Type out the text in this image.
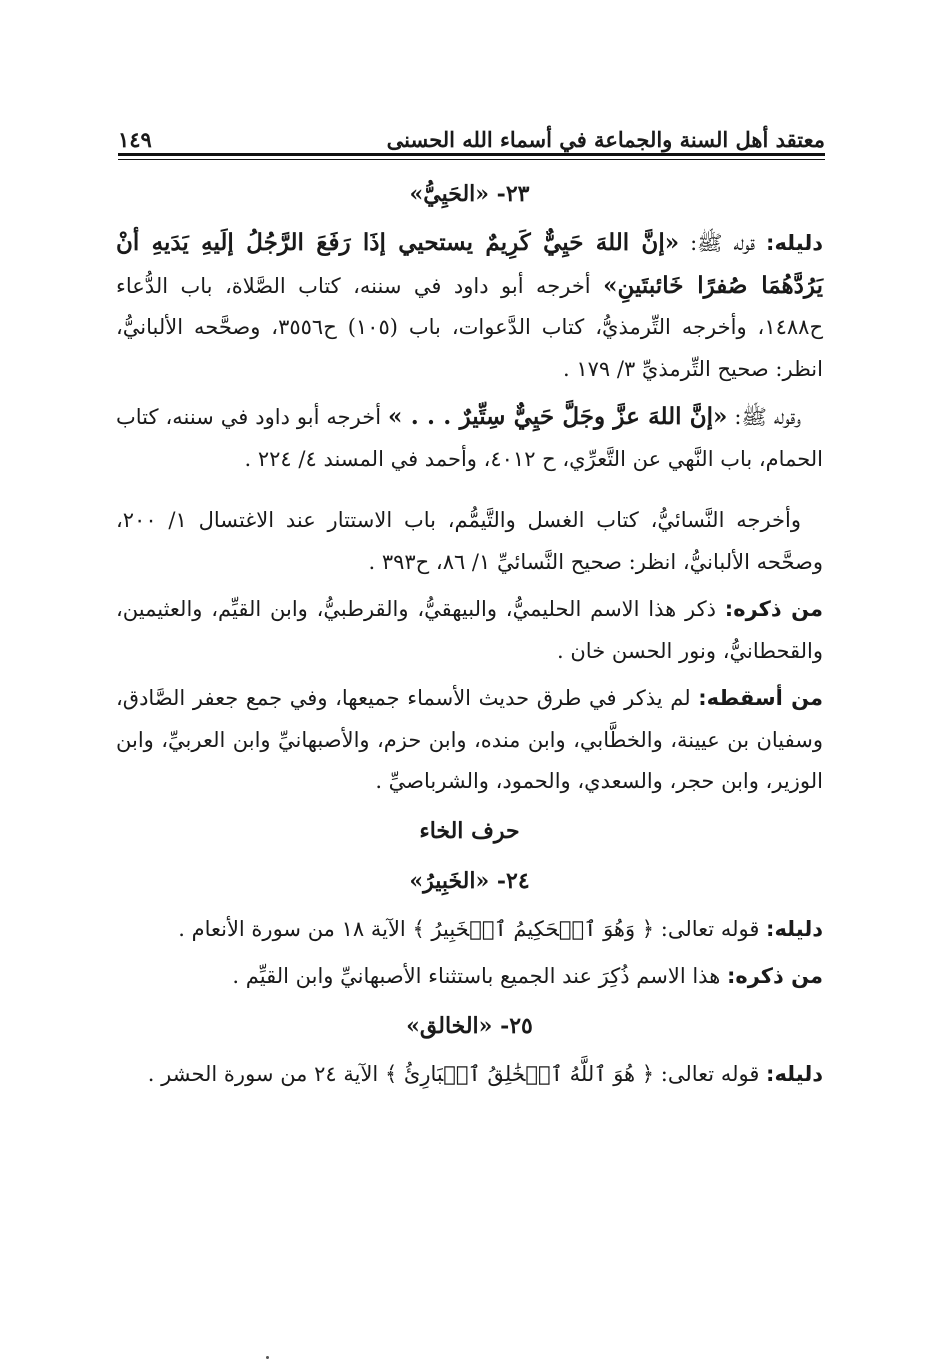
معتقد أهل السنة والجماعة في أسماء الله الحسنى
١٤٩
٢٣- «الحَيِيُّ»

دليله: قوله ﷺ: «إنَّ اللهَ حَيِيٌّ كَرِيمٌ يستحيي إذَا رَفَعَ الرَّجُلُ إلَيهِ يَدَيهِ أنْ يَرُدَّهُمَا صُفرًا خَائبتَينِ» أخرجه أبو داود في سننه، كتاب الصَّلاة، باب الدُّعاء ح١٤٨٨، وأخرجه التِّرمذيُّ، كتاب الدَّعوات، باب (١٠٥) ح٣٥٥٦، وصحَّحه الألبانيُّ، انظر: صحيح التِّرمذيِّ ٣/ ١٧٩ .

وقوله ﷺ: «إنَّ اللهَ عزَّ وجَلَّ حَيِيٌّ سِتِّيرٌ . . . » أخرجه أبو داود في سننه، كتاب الحمام، باب النَّهي عن التَّعرِّي، ح ٤٠١٢، وأحمد في المسند ٤/ ٢٢٤ .

وأخرجه النَّسائيُّ، كتاب الغسل والتَّيمُّم، باب الاستتار عند الاغتسال ١/ ٢٠٠، وصحَّحه الألبانيُّ، انظر: صحيح النَّسائيِّ ١/ ٨٦، ح٣٩٣ .

من ذكره: ذكر هذا الاسم الحليميُّ، والبيهقيُّ، والقرطبيُّ، وابن القيِّم، والعثيمين، والقحطانيُّ، ونور الحسن خان .

من أسقطه: لم يذكر في طرق حديث الأسماء جميعها، وفي جمع جعفر الصَّادق، وسفيان بن عيينة، والخطَّابي، وابن منده، وابن حزم، والأصبهانيِّ وابن العربيِّ، وابن الوزير، وابن حجر، والسعدي، والحمود، والشرباصيِّ .

حرف الخاء
٢٤- «الخَبِيرُ»

دليله: قوله تعالى: ﴿ وَهُوَ ٱلۡحَكِيمُ ٱلۡخَبِيرُ ﴾ الآية ١٨ من سورة الأنعام .

من ذكره: هذا الاسم ذُكِرَ عند الجميع باستثناء الأصبهانيِّ وابن القيِّم .

٢٥- «الخالق»

دليله: قوله تعالى: ﴿ هُوَ ٱللَّهُ ٱلۡخَٰلِقُ ٱلۡبَارِئُ ﴾ الآية ٢٤ من سورة الحشر .
